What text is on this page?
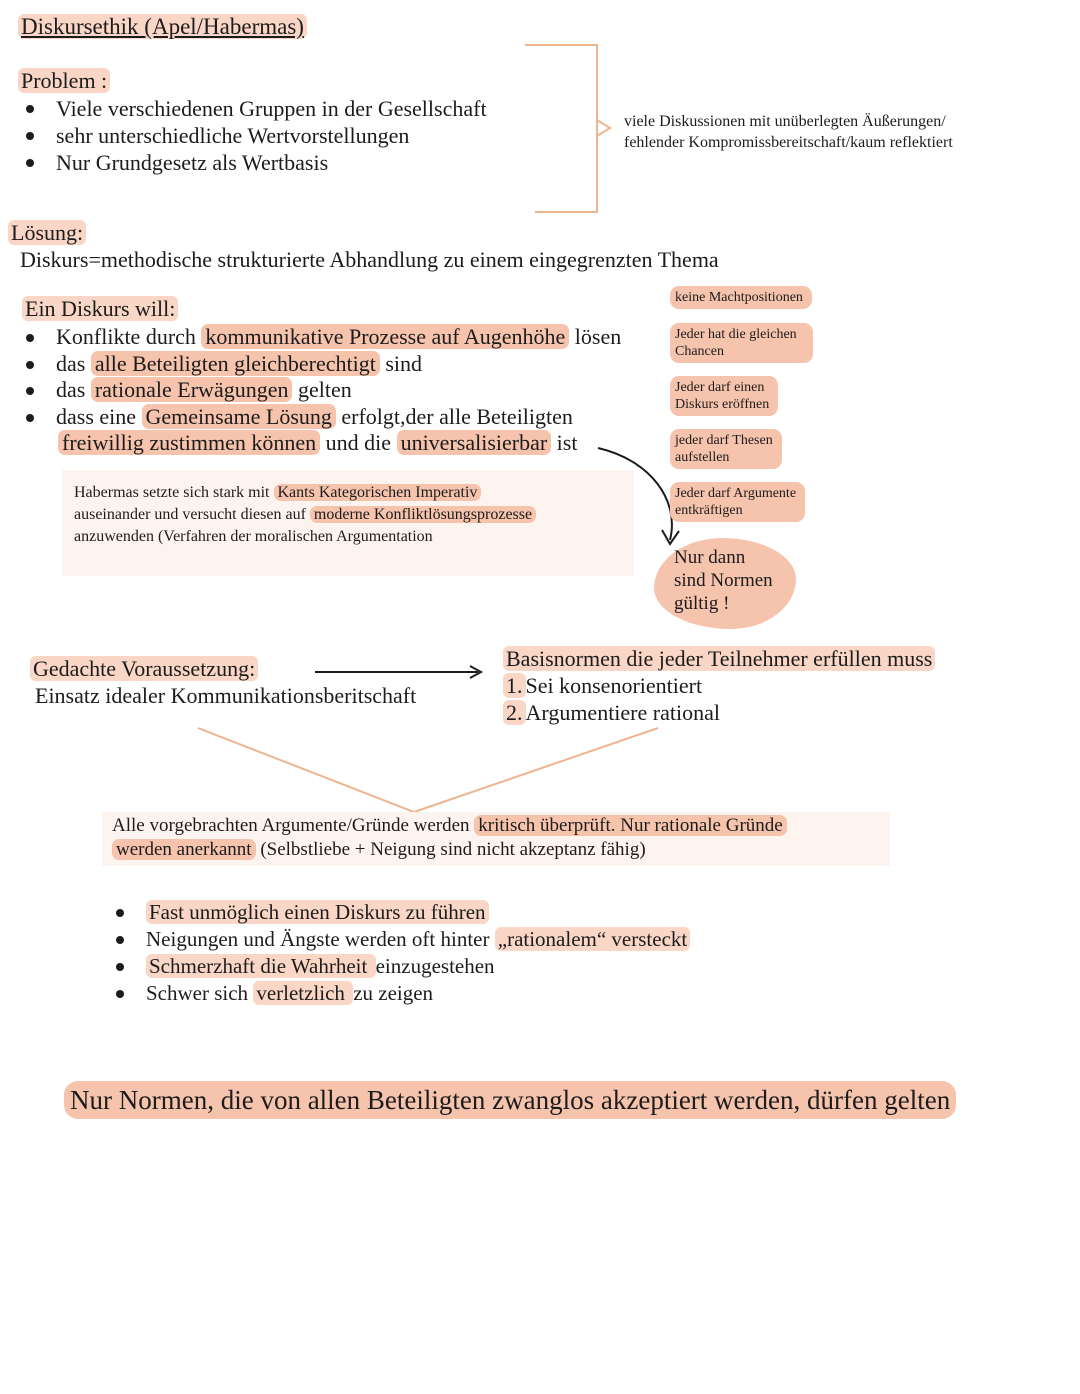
Diskursethik (Apel/Habermas)
Problem :
Viele verschiedenen Gruppen in der Gesellschaft
sehr unterschiedliche Wertvorstellungen
Nur Grundgesetz als Wertbasis
viele Diskussionen mit unüberlegten Äußerungen/
fehlender Kompromissbereitschaft/kaum reflektiert
Lösung:
Diskurs=methodische strukturierte Abhandlung zu einem eingegrenzten Thema
Ein Diskurs will:
Konflikte durch kommunikative Prozesse auf Augenhöhe lösen
das alle Beteiligten gleichberechtigt sind
das rationale Erwägungen gelten
dass eine Gemeinsame Lösung erfolgt,der alle Beteiligten
freiwillig zustimmen können und die universalisierbar ist
Habermas setzte sich stark mit Kants Kategorischen Imperativ
auseinander und versucht diesen auf moderne Konfliktlösungsprozesse
anzuwenden (Verfahren der moralischen Argumentation
keine Machtpositionen
Jeder hat die gleichen
Chancen
Jeder darf einen
Diskurs eröffnen
jeder darf Thesen
aufstellen
Jeder darf Argumente
entkräftigen
Nur dann
sind Normen
gültig !
Gedachte Voraussetzung:
Einsatz idealer Kommunikationsberitschaft
Basisnormen die jeder Teilnehmer erfüllen muss
1. Sei konsenorientiert
2. Argumentiere rational
Alle vorgebrachten Argumente/Gründe werden kritisch überprüft. Nur rationale Gründe
werden anerkannt (Selbstliebe + Neigung sind nicht akzeptanz fähig)
Fast unmöglich einen Diskurs zu führen
Neigungen und Ängste werden oft hinter „rationalem“ versteckt
Schmerzhaft die Wahrheit einzugestehen
Schwer sich verletzlich zu zeigen
Nur Normen, die von allen Beteiligten zwanglos akzeptiert werden, dürfen gelten
